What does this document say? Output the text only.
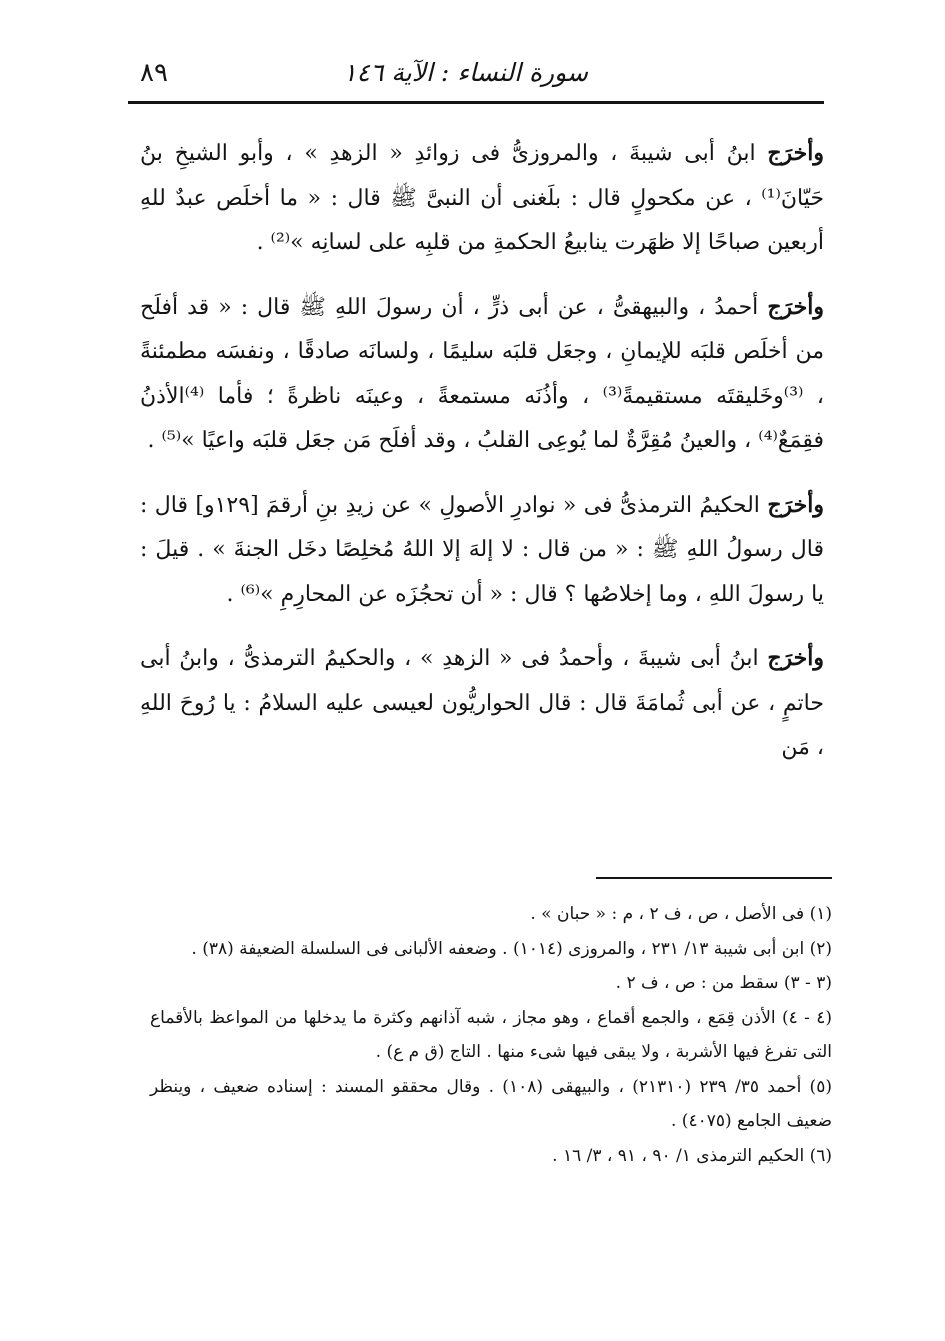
سورة النساء : الآية ١٤٦
٨٩

وأخرَج ابنُ أبى شيبةَ ، والمروزىُّ فى زوائدِ « الزهدِ » ، وأبو الشيخِ بنُ حَيّانَ⁽¹⁾ ، عن مكحولٍ قال : بلَغنى أن النبىَّ ﷺ قال : « ما أخلَص عبدٌ للهِ أربعين صباحًا إلا ظهَرت ينابيعُ الحكمةِ من قلبِه على لسانِه »⁽²⁾ .

وأخرَج أحمدُ ، والبيهقىُّ ، عن أبى ذرٍّ ، أن رسولَ اللهِ ﷺ قال : « قد أفلَح من أخلَص قلبَه للإيمانِ ، وجعَل قلبَه سليمًا ، ولسانَه صادقًا ، ونفسَه مطمئنةً ، ⁽³⁾وخَليقتَه مستقيمةً⁽³⁾ ، وأذُنَه مستمعةً ، وعينَه ناظرةً ؛ فأما ⁽⁴⁾الأذنُ فقِمَعٌ⁽⁴⁾ ، والعينُ مُقِرَّةٌ لما يُوعِى القلبُ ، وقد أفلَح مَن جعَل قلبَه واعيًا »⁽⁵⁾ .

وأخرَج الحكيمُ الترمذىُّ فى « نوادرِ الأصولِ » عن زيدِ بنِ أرقمَ [١٢٩و] قال : قال رسولُ اللهِ ﷺ : « من قال : لا إلهَ إلا اللهُ مُخلِصًا دخَل الجنةَ » . قيلَ : يا رسولَ اللهِ ، وما إخلاصُها ؟ قال : « أن تحجُزَه عن المحارِمِ »⁽⁶⁾ .

وأخرَج ابنُ أبى شيبةَ ، وأحمدُ فى « الزهدِ » ، والحكيمُ الترمذىُّ ، وابنُ أبى حاتمٍ ، عن أبى ثُمامَةَ قال : قال الحواريُّون لعيسى عليه السلامُ : يا رُوحَ اللهِ ، مَن

(١) فى الأصل ، ص ، ف ٢ ، م : « حبان » .

(٢) ابن أبى شيبة ١٣/ ٢٣١ ، والمروزى (١٠١٤) . وضعفه الألبانى فى السلسلة الضعيفة (٣٨) .

(٣ - ٣) سقط من : ص ، ف ٢ .

(٤ - ٤) الأذن قِمَع ، والجمع أقماع ، وهو مجاز ، شبه آذانهم وكثرة ما يدخلها من المواعظ بالأقماع التى تفرغ فيها الأشربة ، ولا يبقى فيها شىء منها . التاج (ق م ع) .

(٥) أحمد ٣٥/ ٢٣٩ (٢١٣١٠) ، والبيهقى (١٠٨) . وقال محققو المسند : إسناده ضعيف ، وينظر ضعيف الجامع (٤٠٧٥) .

(٦) الحكيم الترمذى ١/ ٩٠ ، ٩١ ، ٣/ ١٦ .
